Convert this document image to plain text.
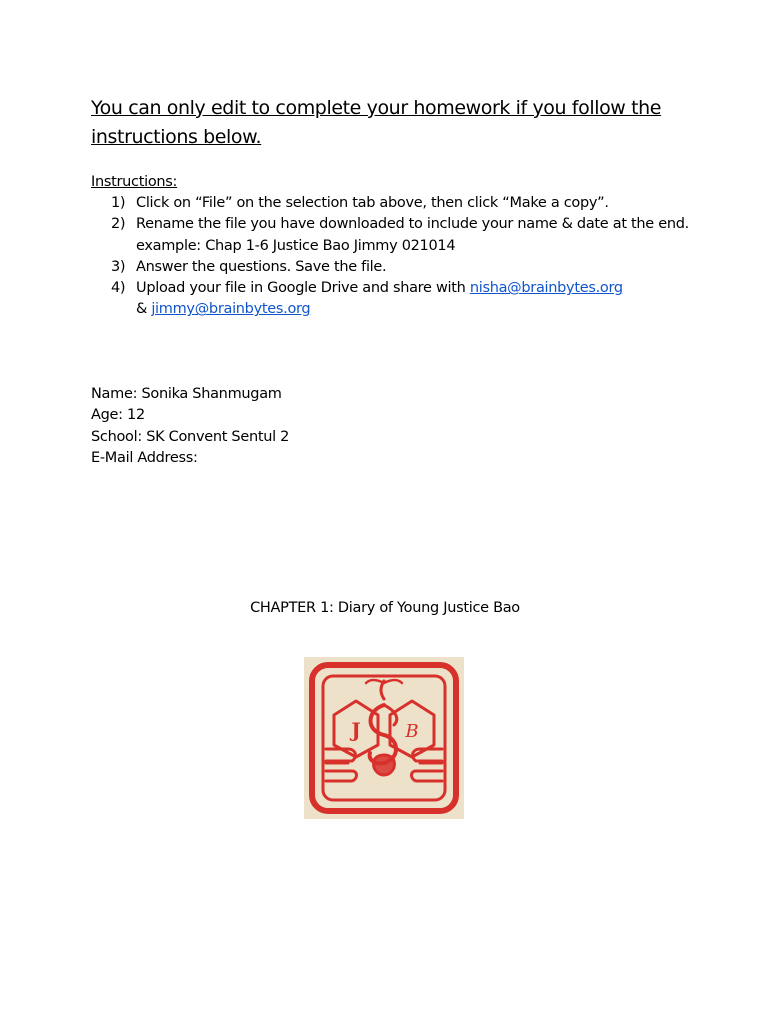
You can only edit to complete your homework if you follow the instructions below.
Instructions:
1) Click on “File” on the selection tab above, then click “Make a copy”.
2) Rename the file you have downloaded to include your name & date at the end. example: Chap 1-6 Justice Bao Jimmy 021014
3) Answer the questions. Save the file.
4) Upload your file in Google Drive and share with nisha@brainbytes.org
& jimmy@brainbytes.org
Name: Sonika Shanmugam
Age: 12
School: SK Convent Sentul 2
E-Mail Address:
CHAPTER 1: Diary of Young Justice Bao
J B
